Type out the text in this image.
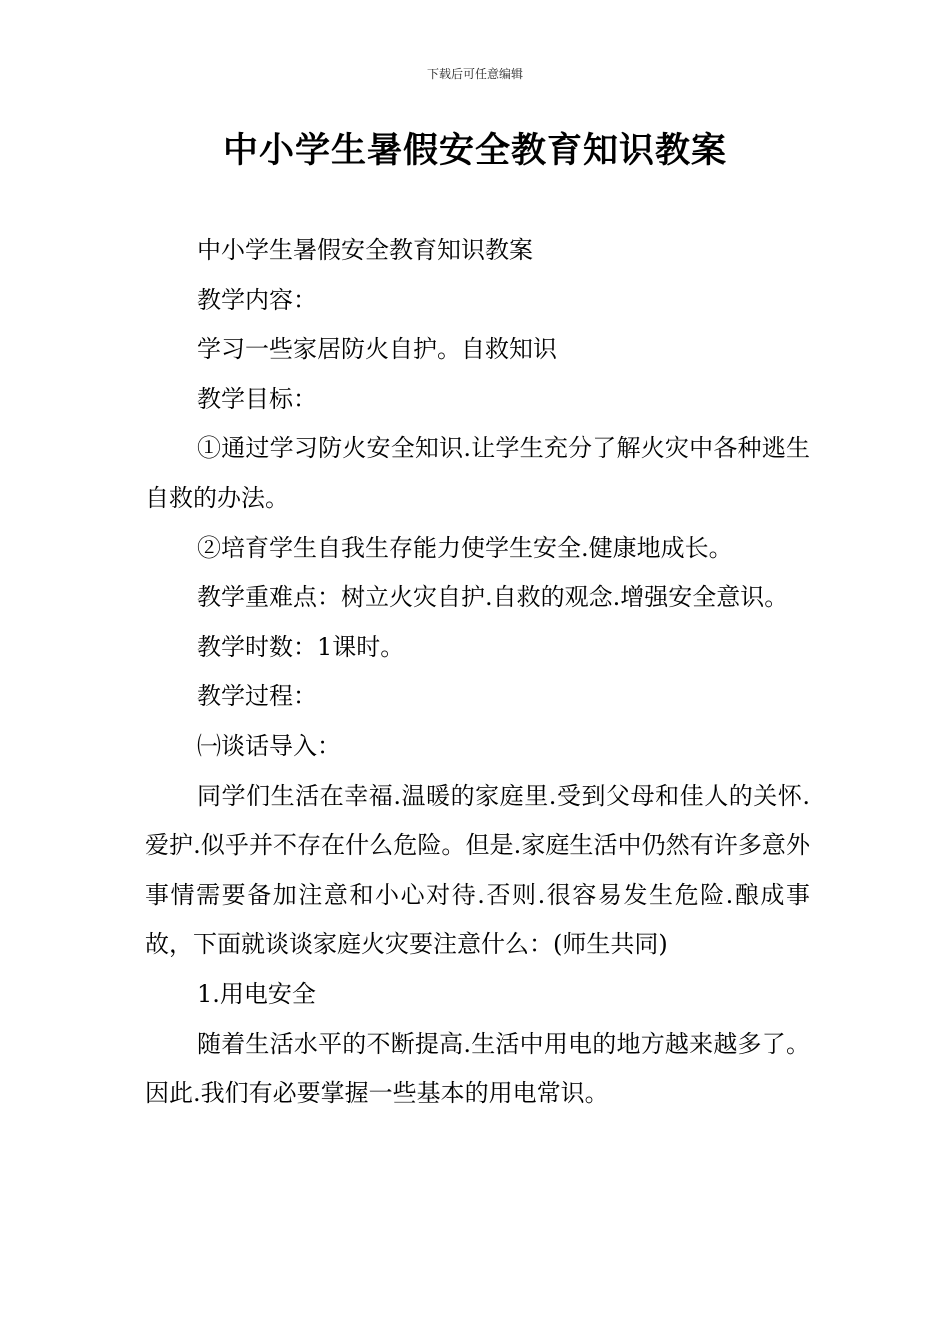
下载后可任意编辑
中小学生暑假安全教育知识教案

中小学生暑假安全教育知识教案

教学内容：

学习一些家居防火自护。自救知识

教学目标：

①通过学习防火安全知识.让学生充分了解火灾中各种逃生自救的办法。

②培育学生自我生存能力使学生安全.健康地成长。

教学重难点：树立火灾自护.自救的观念.增强安全意识。

教学时数：1课时。

教学过程：

㈠谈话导入：

同学们生活在幸福.温暖的家庭里.受到父母和佳人的关怀.爱护.似乎并不存在什么危险。但是.家庭生活中仍然有许多意外事情需要备加注意和小心对待.否则.很容易发生危险.酿成事故，下面就谈谈家庭火灾要注意什么：(师生共同)

1.用电安全

随着生活水平的不断提高.生活中用电的地方越来越多了。因此.我们有必要掌握一些基本的用电常识。
